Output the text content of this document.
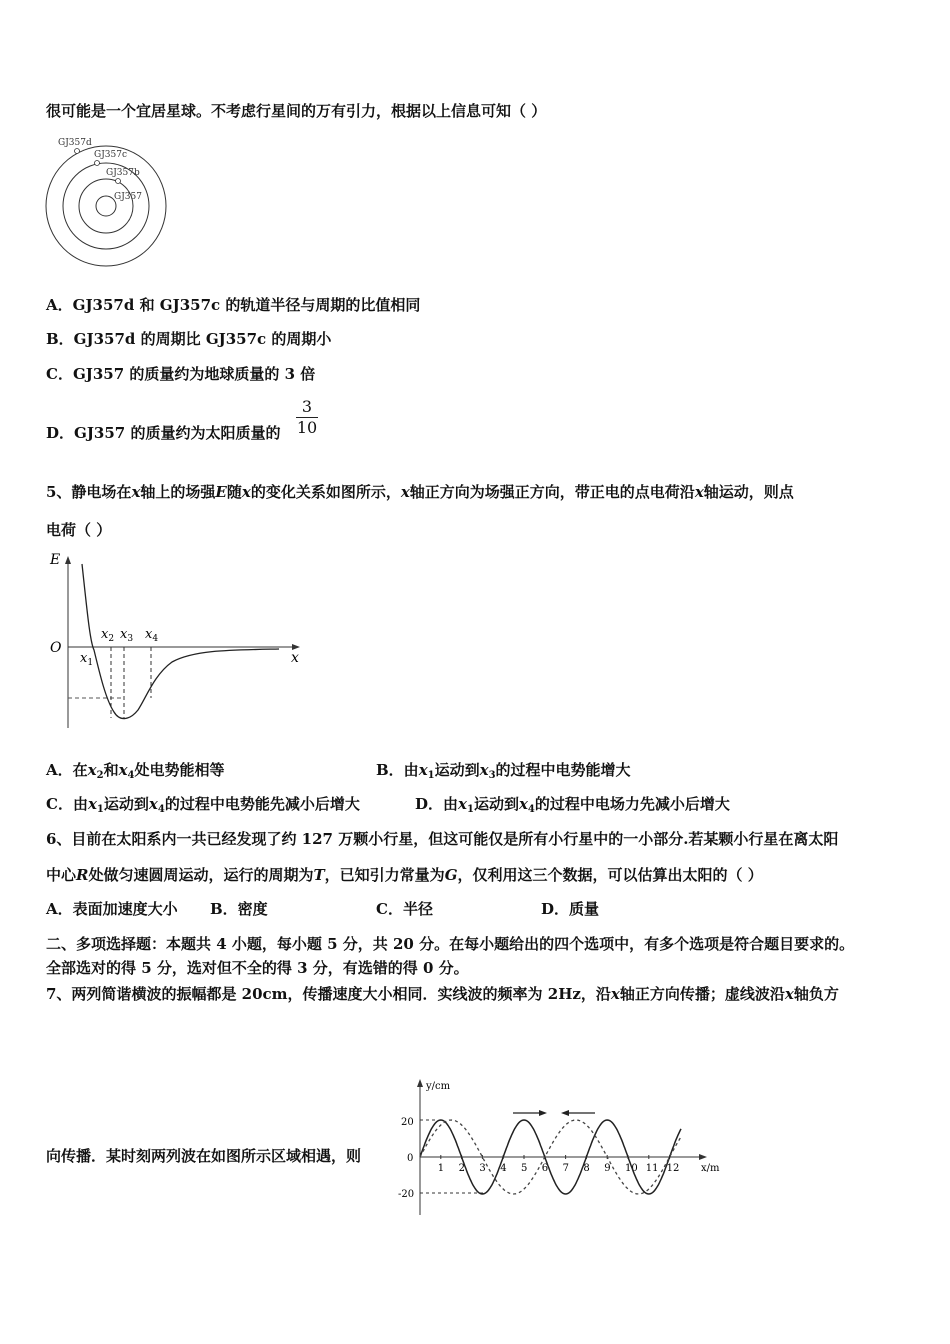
很可能是一个宜居星球。不考虑行星间的万有引力，根据以上信息可知（ ）
GJ357d
GJ357c
GJ357b
GJ357
A．GJ357d 和 GJ357c 的轨道半径与周期的比值相同
B．GJ357d 的周期比 GJ357c 的周期小
C．GJ357 的质量约为地球质量的 3 倍
D．GJ357 的质量约为太阳质量的
3
10
5、静电场在x轴上的场强E随x的变化关系如图所示，x轴正方向为场强正方向，带正电的点电荷沿x轴运动，则点
电荷（ ）
E
O
x
$x_1$
$x_2$ $x_3$ $x_4$
A．在$x_2$和$x_4$处电势能相等	B．由$x_1$运动到$x_3$的过程中电势能增大
C．由$x_1$运动到$x_4$的过程中电势能先减小后增大	D．由$x_1$运动到$x_4$的过程中电场力先减小后增大
6、目前在太阳系内一共已经发现了约 127 万颗小行星，但这可能仅是所有小行星中的一小部分.若某颗小行星在离太阳
中心R处做匀速圆周运动，运行的周期为T，已知引力常量为G，仅利用这三个数据，可以估算出太阳的（ ）
A．表面加速度大小 B．密度	C．半径	D．质量
二、多项选择题：本题共 4 小题，每小题 5 分，共 20 分。在每小题给出的四个选项中，有多个选项是符合题目要求的。
全部选对的得 5 分，选对但不全的得 3 分，有选错的得 0 分。
7、两列简谐横波的振幅都是 20cm，传播速度大小相同．实线波的频率为 2Hz，沿x轴正方向传播；虚线波沿x轴负方
向传播．某时刻两列波在如图所示区域相遇，则
y/cm
x/m
20
0
-20
1 2 3 4 5 6 7 8 9 10 11 12
